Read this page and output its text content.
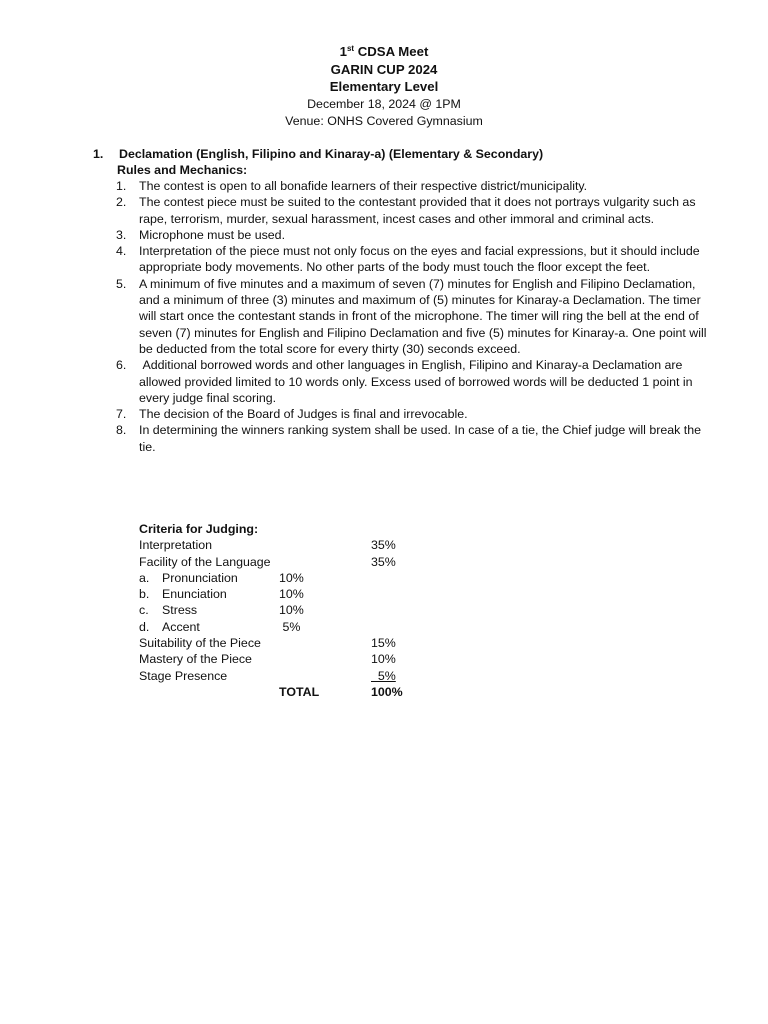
1st CDSA Meet
GARIN CUP 2024
Elementary Level
December 18, 2024 @ 1PM
Venue: ONHS Covered Gymnasium
1. Declamation (English, Filipino and Kinaray-a) (Elementary & Secondary)
Rules and Mechanics:
1.	The contest is open to all bonafide learners of their respective district/municipality.
2.	The contest piece must be suited to the contestant provided that it does not portrays vulgarity such as rape, terrorism, murder, sexual harassment, incest cases and other immoral and criminal acts.
3.	Microphone must be used.
4.	Interpretation of the piece must not only focus on the eyes and facial expressions, but it should include appropriate body movements. No other parts of the body must touch the floor except the feet.
5.	A minimum of five minutes and a maximum of seven (7) minutes for English and Filipino Declamation, and a minimum of three (3) minutes and maximum of (5) minutes for Kinaray-a Declamation. The timer will start once the contestant stands in front of the microphone. The timer will ring the bell at the end of seven (7) minutes for English and Filipino Declamation and five (5) minutes for Kinaray-a. One point will be deducted from the total score for every thirty (30) seconds exceed.
6.	Additional borrowed words and other languages in English, Filipino and Kinaray-a Declamation are allowed provided limited to 10 words only. Excess used of borrowed words will be deducted 1 point in every judge final scoring.
7.	The decision of the Board of Judges is final and irrevocable.
8.	In determining the winners ranking system shall be used. In case of a tie, the Chief judge will break the tie.
Criteria for Judging:
Interpretation	35%
Facility of the Language	35%
a. Pronunciation	10%
b. Enunciation	10%
c. Stress	10%
d. Accent	5%
Suitability of the Piece	15%
Mastery of the Piece	10%
Stage Presence	5%
TOTAL	100%
